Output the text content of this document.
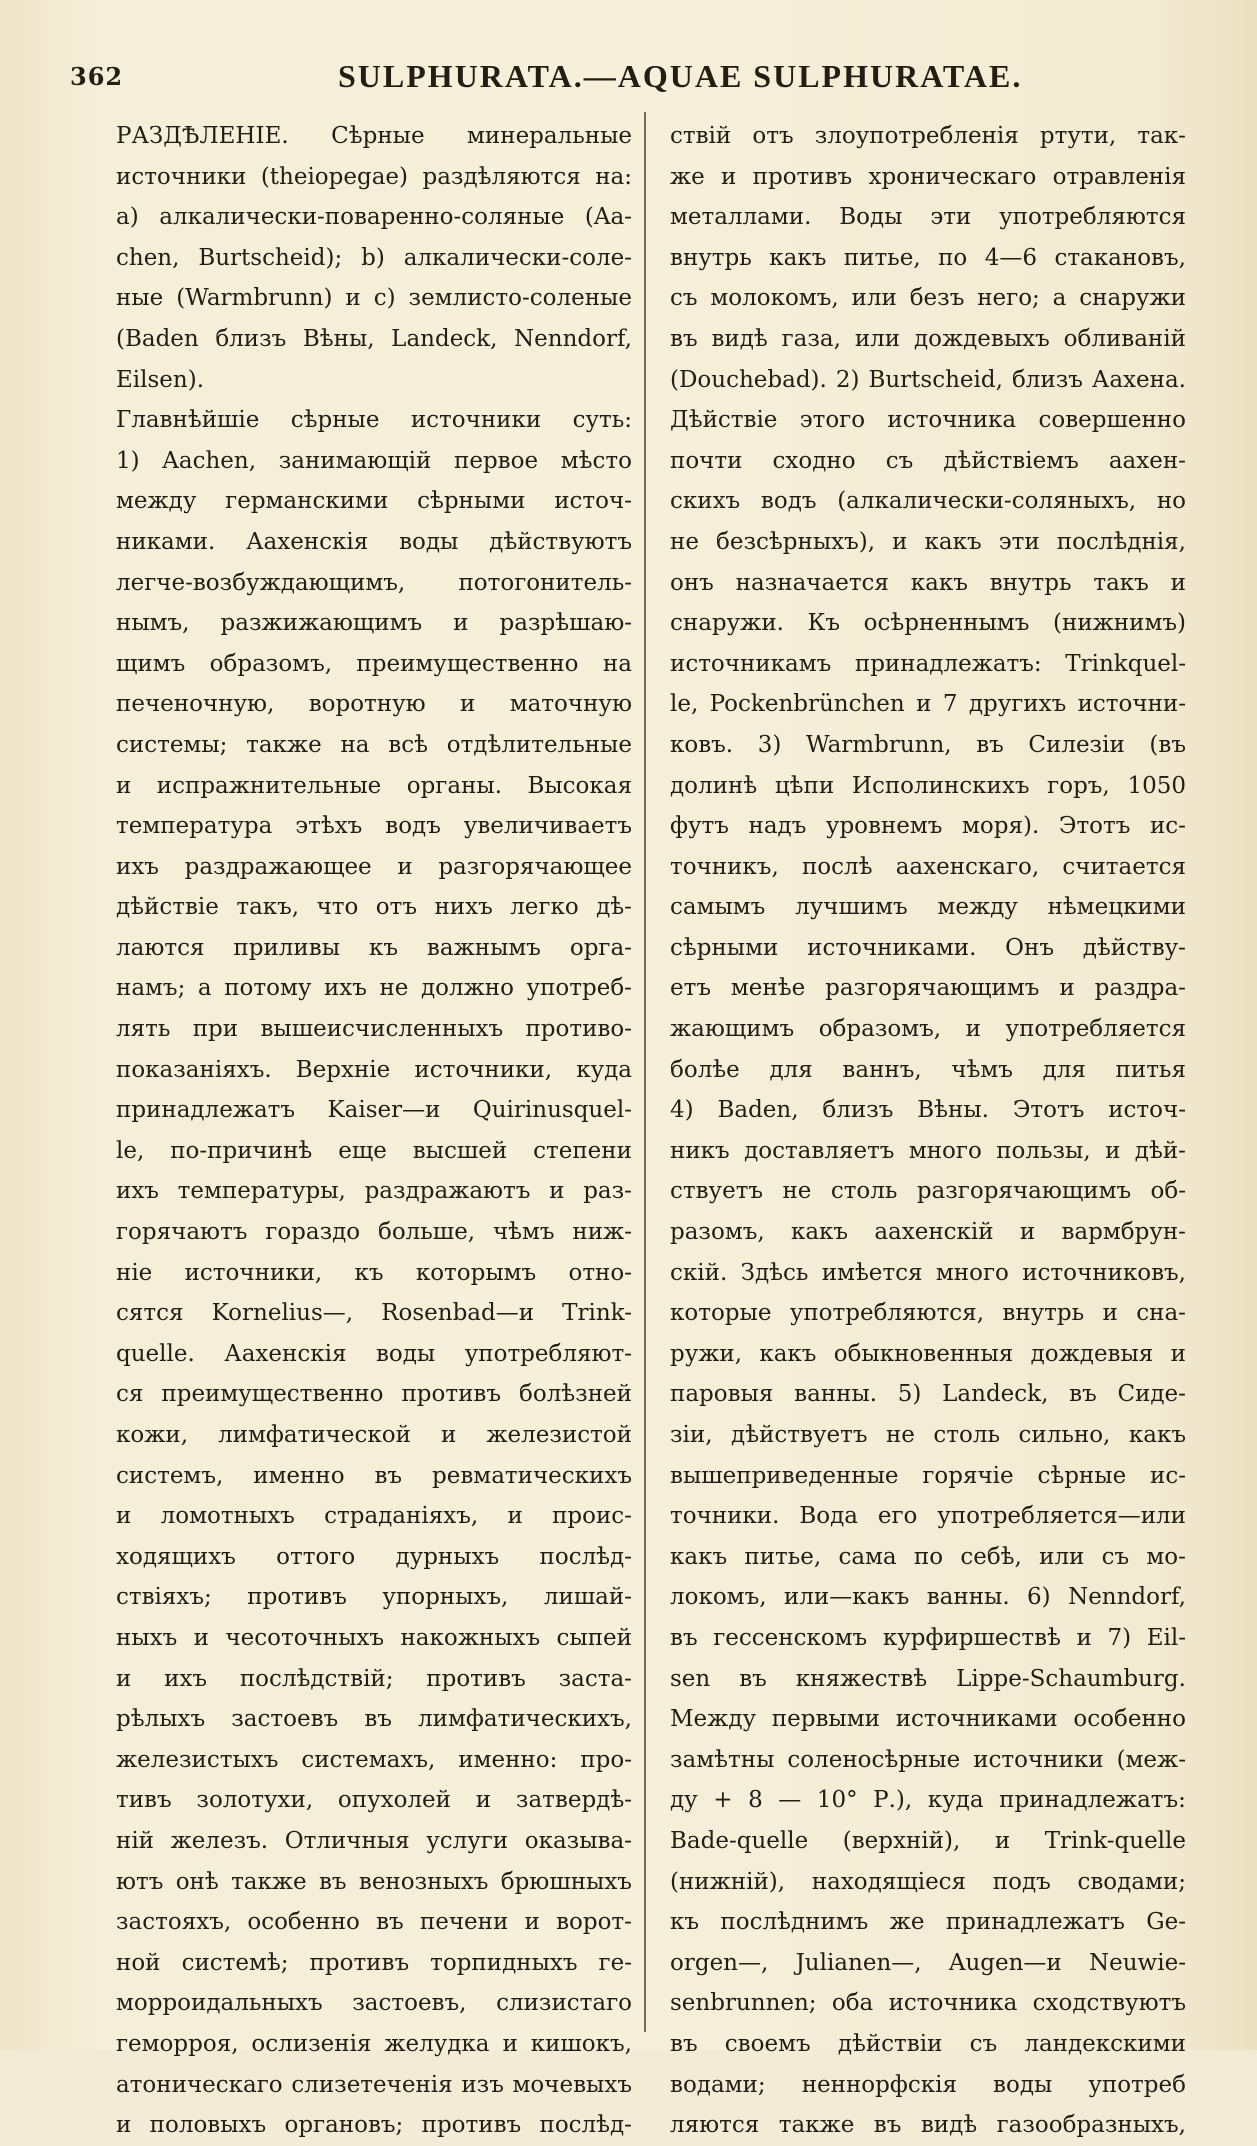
362	SULPHURATA.—AQUAE SULPHURATAE.
РАЗДѢЛЕНІЕ. Сѣрные минеральные
источники (theiopegae) раздѣляются на:
a) алкалически-поваренно-соляные (Aa-
chen, Burtscheid); b) алкалически-соле-
ные (Warmbrunn) и c) землисто-соленые
(Baden близъ Вѣны, Landeck, Nenndorf,
Eilsen).
Главнѣйшіе сѣрные источники суть:
1) Aachen, занимающій первое мѣсто
между германскими сѣрными источ-
никами. Аахенскія воды дѣйствуютъ
легче-возбуждающимъ, потогонитель-
нымъ, разжижающимъ и разрѣшаю-
щимъ образомъ, преимущественно на
печеночную, воротную и маточную
системы; также на всѣ отдѣлительные
и испражнительные органы. Высокая
температура этѣхъ водъ увеличиваетъ
ихъ раздражающее и разгорячающее
дѣйствіе такъ, что отъ нихъ легко дѣ-
лаются приливы къ важнымъ орга-
намъ; а потому ихъ не должно употреб-
лять при вышеисчисленныхъ противо-
показаніяхъ. Верхніе источники, куда
принадлежатъ Kaiser—и Quirinusquel-
le, по-причинѣ еще высшей степени
ихъ температуры, раздражаютъ и раз-
горячаютъ гораздо больше, чѣмъ ниж-
ніе источники, къ которымъ отно-
сятся Kornelius—, Rosenbad—и Trink-
quelle. Аахенскія воды употребляют-
ся преимущественно противъ болѣзней
кожи, лимфатической и железистой
системъ, именно въ ревматическихъ
и ломотныхъ страданіяхъ, и проис-
ходящихъ оттого дурныхъ послѣд-
ствіяхъ; противъ упорныхъ, лишай-
ныхъ и чесоточныхъ накожныхъ сыпей
и ихъ послѣдствій; противъ заста-
рѣлыхъ застоевъ въ лимфатическихъ,
железистыхъ системахъ, именно: про-
тивъ золотухи, опухолей и затвердѣ-
ній железъ. Отличныя услуги оказыва-
ютъ онѣ также въ венозныхъ брюшныхъ
застояхъ, особенно въ печени и ворот-
ной системѣ; противъ торпидныхъ ге-
морроидальныхъ застоевъ, слизистаго
геморроя, ослизенія желудка и кишокъ,
атоническаго слизетеченія изъ мочевыхъ
и половыхъ органовъ; противъ послѣд-
ствій отъ злоупотребленія ртути, так-
же и противъ хроническаго отравленія
металлами. Воды эти употребляются
внутрь какъ питье, по 4—6 стакановъ,
съ молокомъ, или безъ него; а снаружи
въ видѣ газа, или дождевыхъ обливаній
(Douchebad). 2) Burtscheid, близъ Аахена.
Дѣйствіе этого источника совершенно
почти сходно съ дѣйствіемъ аахен-
скихъ водъ (алкалически-соляныхъ, но
не безсѣрныхъ), и какъ эти послѣднія,
онъ назначается какъ внутрь такъ и
снаружи. Къ осѣрненнымъ (нижнимъ)
источникамъ принадлежатъ: Trinkquel-
le, Pockenbrünchen и 7 другихъ источни-
ковъ. 3) Warmbrunn, въ Силезіи (въ
долинѣ цѣпи Исполинскихъ горъ, 1050
футъ надъ уровнемъ моря). Этотъ ис-
точникъ, послѣ аахенскаго, считается
самымъ лучшимъ между нѣмецкими
сѣрными источниками. Онъ дѣйству-
етъ менѣе разгорячающимъ и раздра-
жающимъ образомъ, и употребляется
болѣе для ваннъ, чѣмъ для питья
4) Baden, близъ Вѣны. Этотъ источ-
никъ доставляетъ много пользы, и дѣй-
ствуетъ не столь разгорячающимъ об-
разомъ, какъ аахенскій и вармбрун-
скій. Здѣсь имѣется много источниковъ,
которые употребляются, внутрь и сна-
ружи, какъ обыкновенныя дождевыя и
паровыя ванны. 5) Landeck, въ Сиде-
зіи, дѣйствуетъ не столь сильно, какъ
вышеприведенные горячіе сѣрные ис-
точники. Вода его употребляется—или
какъ питье, сама по себѣ, или съ мо-
локомъ, или—какъ ванны. 6) Nenndorf,
въ гессенскомъ курфиршествѣ и 7) Eil-
sen въ княжествѣ Lippe-Schaumburg.
Между первыми источниками особенно
замѣтны соленосѣрные источники (меж-
ду + 8 — 10° Р.), куда принадлежатъ:
Bade-quelle (верхній), и Trink-quelle
(нижній), находящіеся подъ сводами;
къ послѣднимъ же принадлежатъ Ge-
orgen—, Julianen—, Augen—и Neuwie-
senbrunnen; оба источника сходствуютъ
въ своемъ дѣйствіи съ ландекскими
водами; неннорфскія воды употреб
ляются также въ видѣ газообразныхъ,
